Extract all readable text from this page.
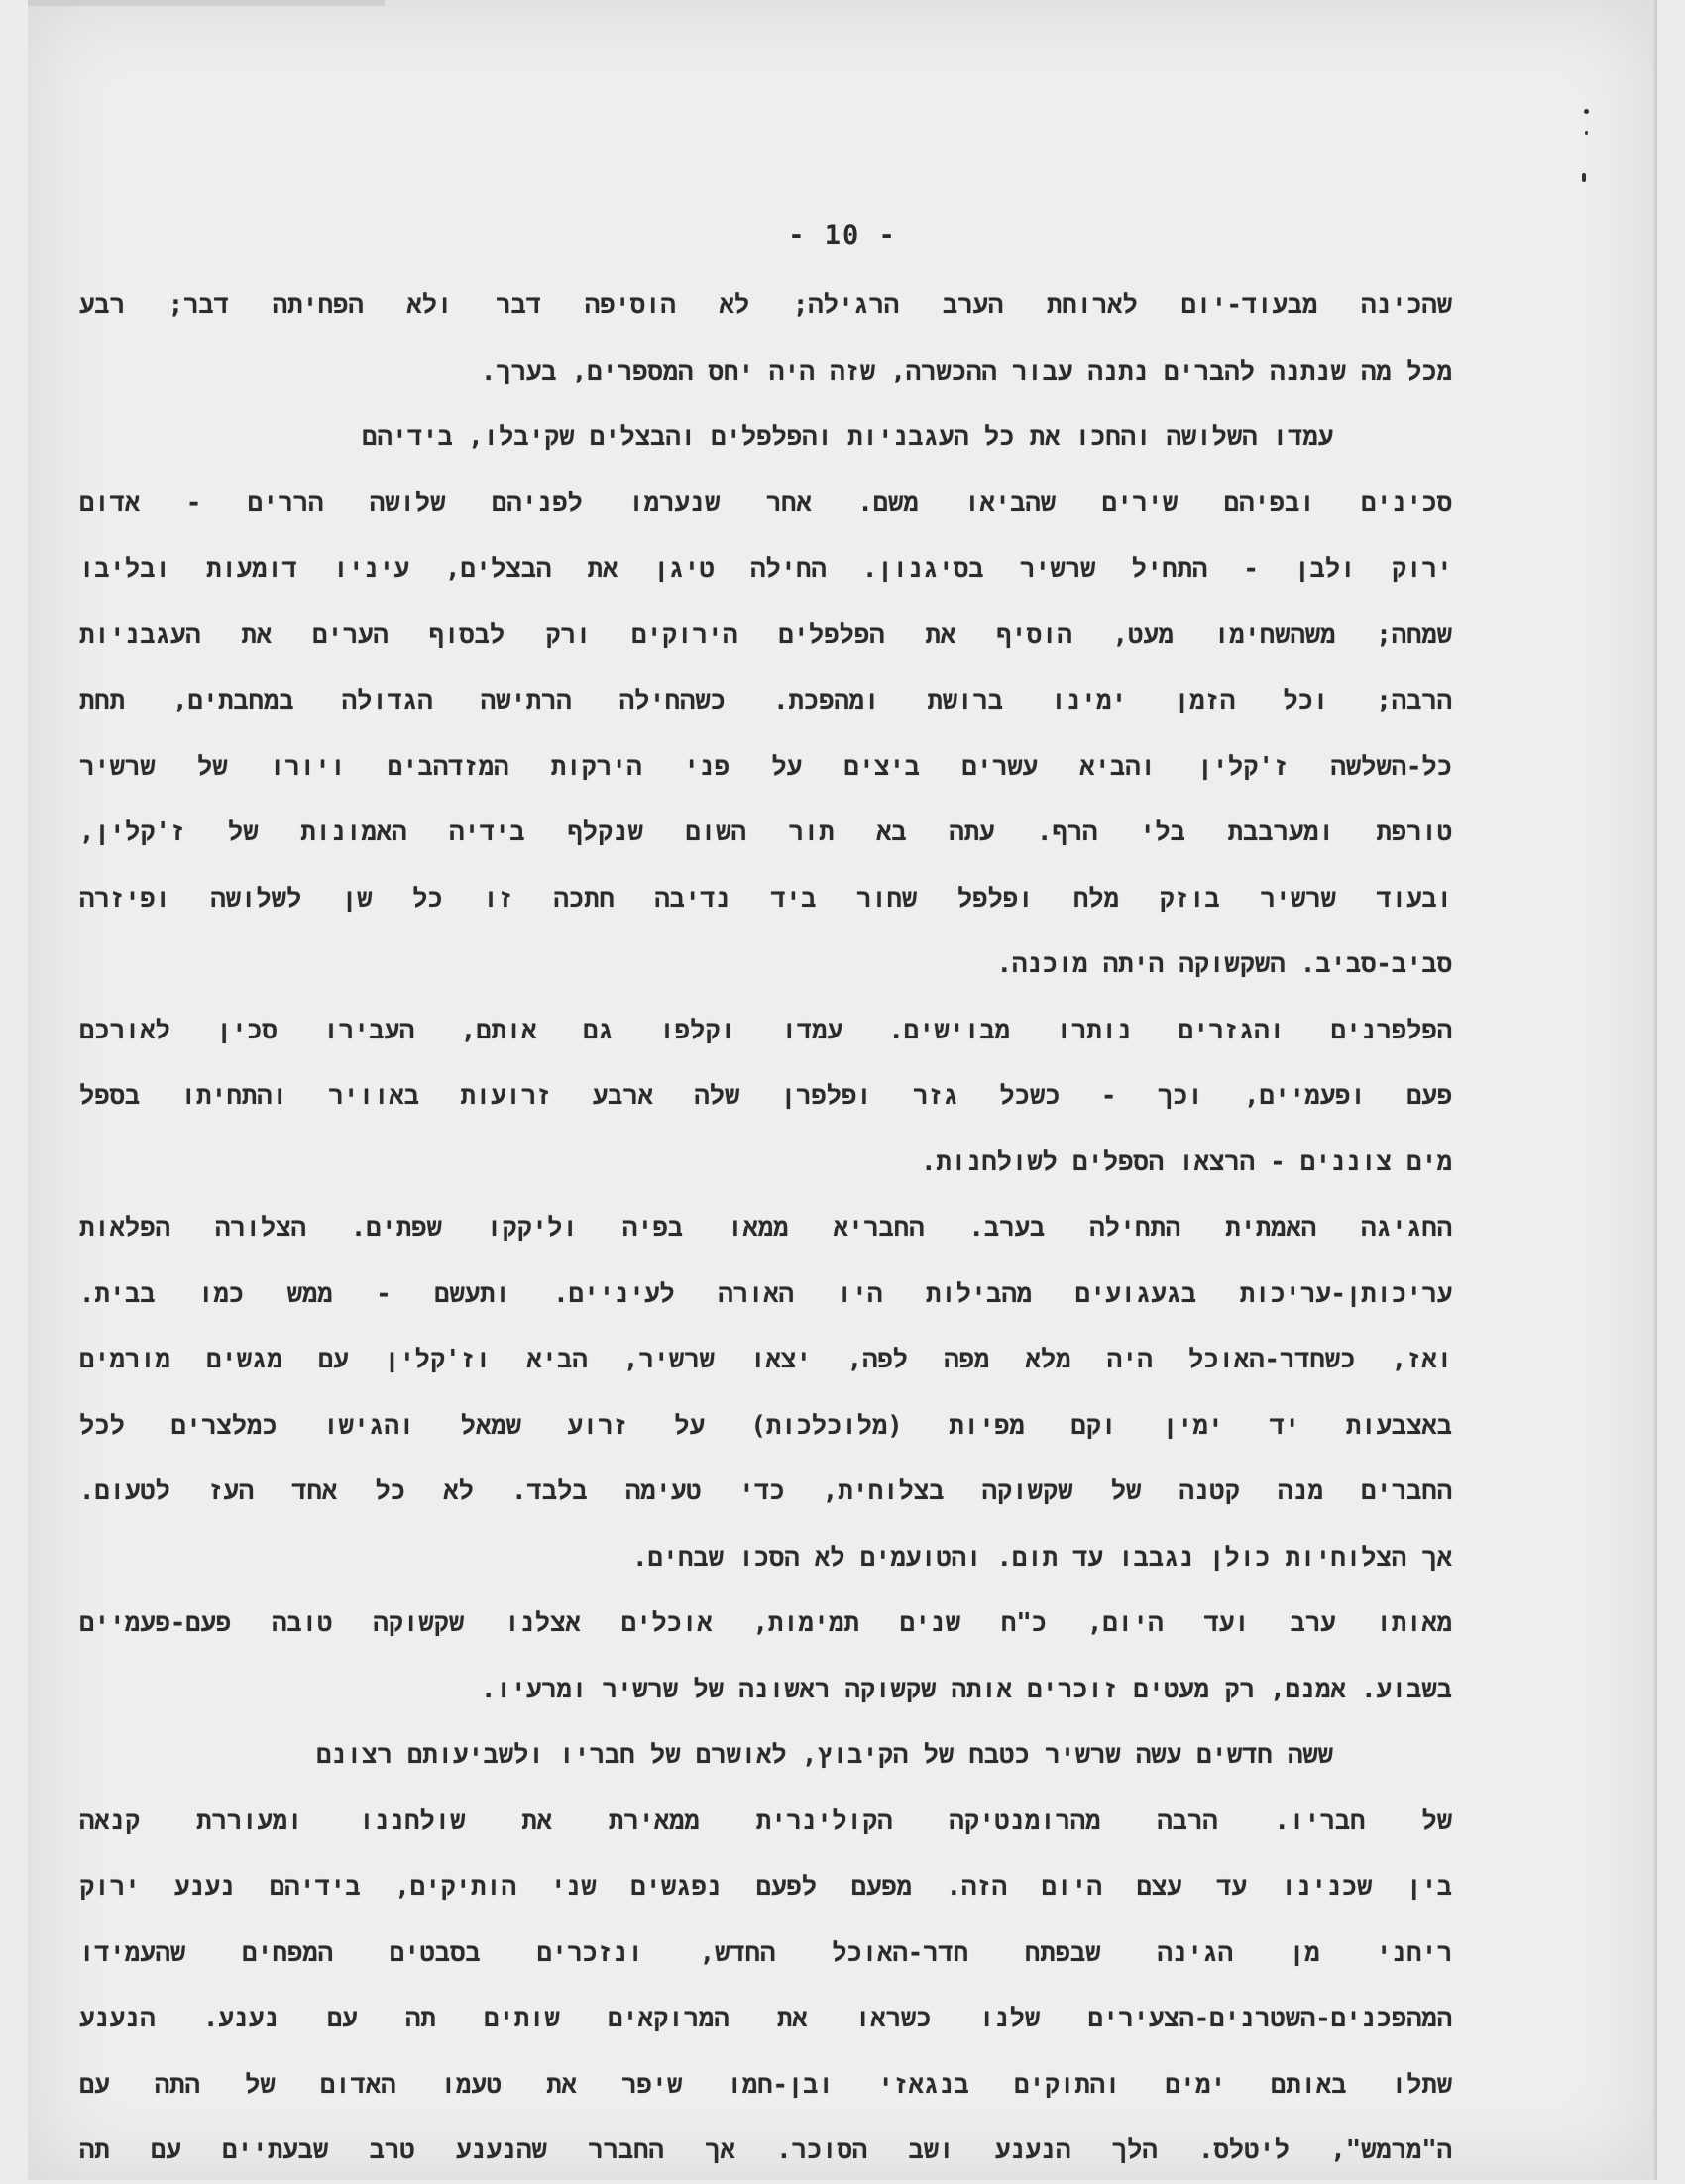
- 10 -
שהכינה מבעוד-יום לארוחת הערב הרגילה; לא הוסיפה דבר ולא הפחיתה דבר; רבע
מכל מה שנתנה להברים נתנה עבור ההכשרה, שזה היה יחס המספרים, בערך.
עמדו השלושה והחכו את כל העגבניות והפלפלים והבצלים שקיבלו, בידיהם
סכינים ובפיהם שירים שהביאו משם. אחר שנערמו לפניהם שלושה הררים - אדום
ירוק ולבן - התחיל שרשיר בסיגנון. החילה טיגן את הבצלים, עיניו דומעות ובליבו
שמחה; משהשחימו מעט, הוסיף את הפלפלים הירוקים ורק לבסוף הערים את העגבניות
הרבה; וכל הזמן ימינו ברושת ומהפכת. כשהחילה הרתישה הגדולה במחבתים, תחת
כל-השלשה ז'קלין והביא עשרים ביצים על פני הירקות המזדהבים ויורו של שרשיר
טורפת ומערבבת בלי הרף. עתה בא תור השום שנקלף בידיה האמונות של ז'קלין,
ובעוד שרשיר בוזק מלח ופלפל שחור ביד נדיבה חתכה זו כל שן לשלושה ופיזרה
סביב-סביב. השקשוקה היתה מוכנה.
הפלפרנים והגזרים נותרו מבוישים. עמדו וקלפו גם אותם, העבירו סכין לאורכם
פעם ופעמיים, וכך - כשכל גזר ופלפרן שלה ארבע זרועות באוויר והתחיתו בספל
מים צוננים - הרצאו הספלים לשולחנות.
החגיגה האמתית התחילה בערב. החבריא ממאו בפיה וליקקו שפתים. הצלורה הפלאות
עריכותן-עריכות בגעגועים מהבילות היו האורה לעיניים. ותעשם - ממש כמו בבית.
ואז, כשחדר-האוכל היה מלא מפה לפה, יצאו שרשיר, הביא וז'קלין עם מגשים מורמים
באצבעות יד ימין וקם מפיות (מלוכלכות) על זרוע שמאל והגישו כמלצרים לכל
החברים מנה קטנה של שקשוקה בצלוחית, כדי טעימה בלבד. לא כל אחד העז לטעום.
אך הצלוחיות כולן נגבבו עד תום. והטועמים לא הסכו שבחים.
מאותו ערב ועד היום, כ"ח שנים תמימות, אוכלים אצלנו שקשוקה טובה פעם-פעמיים
בשבוע. אמנם, רק מעטים זוכרים אותה שקשוקה ראשונה של שרשיר ומרעיו.
ששה חדשים עשה שרשיר כטבח של הקיבוץ, לאושרם של חבריו ולשביעותם רצונם
של חבריו. הרבה מהרומנטיקה הקולינרית ממאירת את שולחננו ומעוררת קנאה
בין שכנינו עד עצם היום הזה. מפעם לפעם נפגשים שני הותיקים, בידיהם נענע ירוק
ריחני מן הגינה שבפתח חדר-האוכל החדש, ונזכרים בסבטים המפחים שהעמידו
המהפכנים-השטרנים-הצעירים שלנו כשראו את המרוקאים שותים תה עם נענע. הנענע
שתלו באותם ימים והתוקים בנגאזי ובן-חמו שיפר את טעמו האדום של התה עם
ה"מרמש", ליטלס. הלך הנענע ושב הסוכר. אך החברר שהנענע טרב שבעתיים עם תה
